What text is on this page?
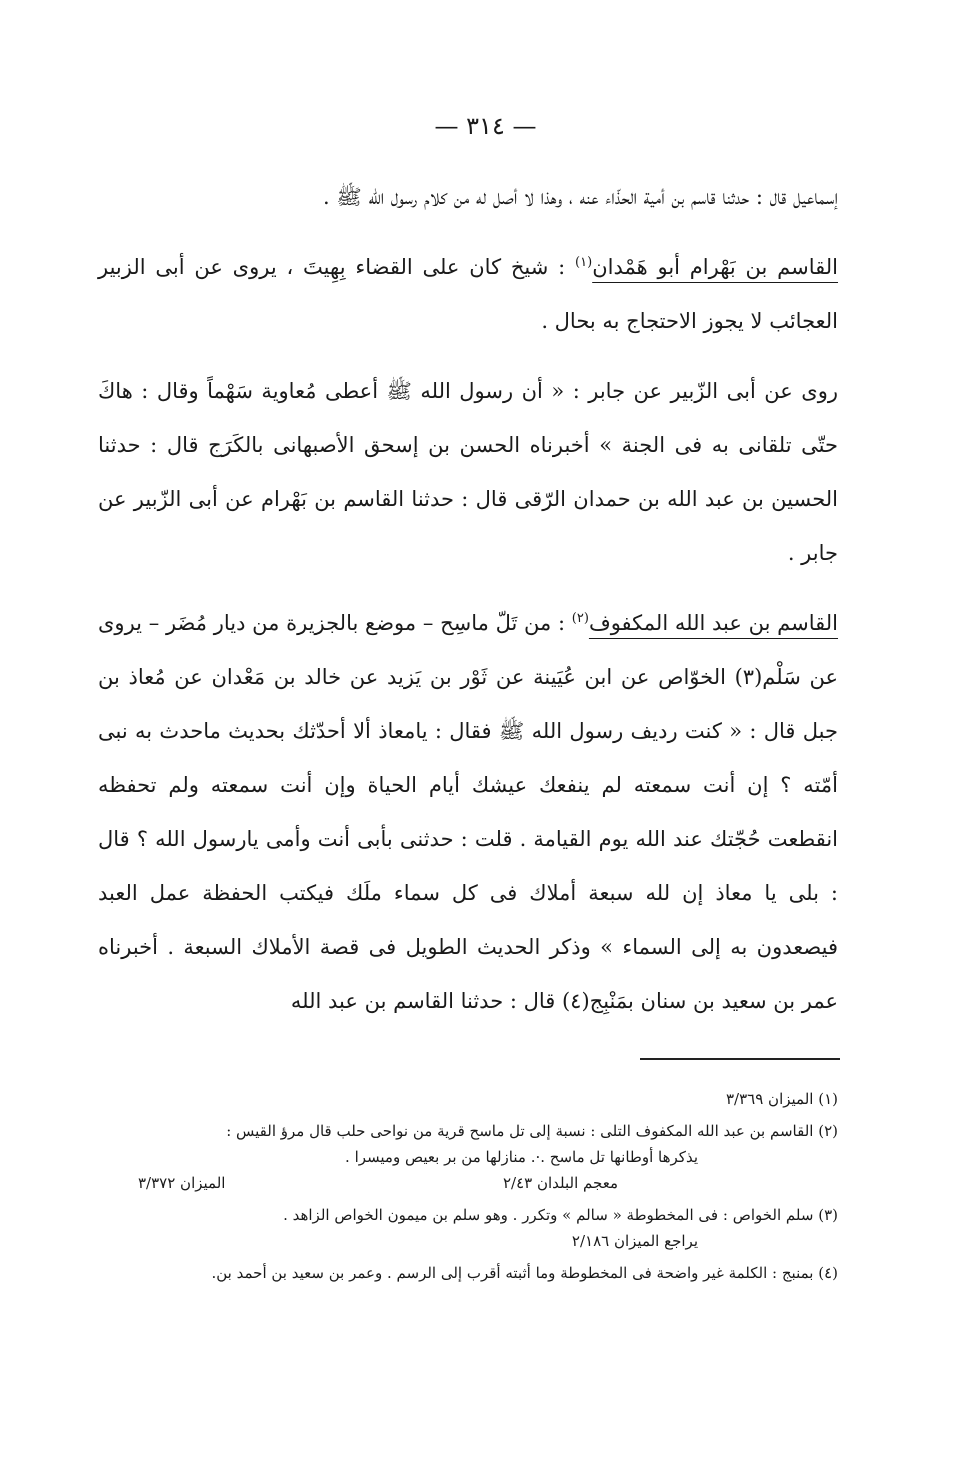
— ٣١٤ —

إسماعيل قال : حدثنا قاسم بن أمية الحذّاء عنه ، وهذا لا أصل له من كلام رسول الله ﷺ .

القاسم بن بَهْرام أبو هَمْدان$^{(١)}$ : شيخ كان على القضاء بِهِيتَ ، يروى عن أبى الزبير العجائب لا يجوز الاحتجاج به بحال .

روى عن أبى الزّبير عن جابر : « أن رسول الله ﷺ أعطى مُعاوية سَهْماً وقال : هاكَ حتّى تلقانى به فى الجنة » أخبرناه الحسن بن إسحق الأصبهانى بالكَرَج قال : حدثنا الحسين بن عبد الله بن حمدان الرّقى قال : حدثنا القاسم بن بَهْرام عن أبى الزّبير عن جابر .

القاسم بن عبد الله المكفوف$^{(٢)}$ : من تَلّ ماسِح – موضع بالجزيرة من ديار مُضَر – يروى عن سَلْم(٣) الخوّاص عن ابن عُيَينة عن ثَوْر بن يَزيد عن خالد بن مَعْدان عن مُعاذ بن جبل قال : « كنت رديف رسول الله ﷺ فقال : يامعاذ ألا أحدّثك بحديث ماحدث به نبى أمّته ؟ إن أنت سمعته لم ينفعك عيشك أيام الحياة وإن أنت سمعته ولم تحفظه انقطعت حُجّتك عند الله يوم القيامة . قلت : حدثنى بأبى أنت وأمى يارسول الله ؟ قال : بلى يا معاذ إن لله سبعة أملاك فى كل سماء ملَك فيكتب الحفظة عمل العبد فيصعدون به إلى السماء » وذكر الحديث الطويل فى قصة الأملاك السبعة . أخبرناه عمر بن سعيد بن سنان بمَنْبِج(٤) قال : حدثنا القاسم بن عبد الله

(١) الميزان ٣/٣٦٩

(٢) القاسم بن عبد الله المكفوف التلى : نسبة إلى تل ماسح قرية من نواحى حلب قال مرؤ القيس :
يذكرها أوطانها تل ماسح .·. منازلها من بر بعيص وميسرا .
معجم البلدان ٢/٤٣
الميزان ٣/٣٧٢

(٣) سلم الخواص : فى المخطوطة « سالم » وتكرر . وهو سلم بن ميمون الخواص الزاهد .
يراجع الميزان ٢/١٨٦

(٤) بمنبج : الكلمة غير واضحة فى المخطوطة وما أثبته أقرب إلى الرسم . وعمر بن سعيد بن أحمد بن.
